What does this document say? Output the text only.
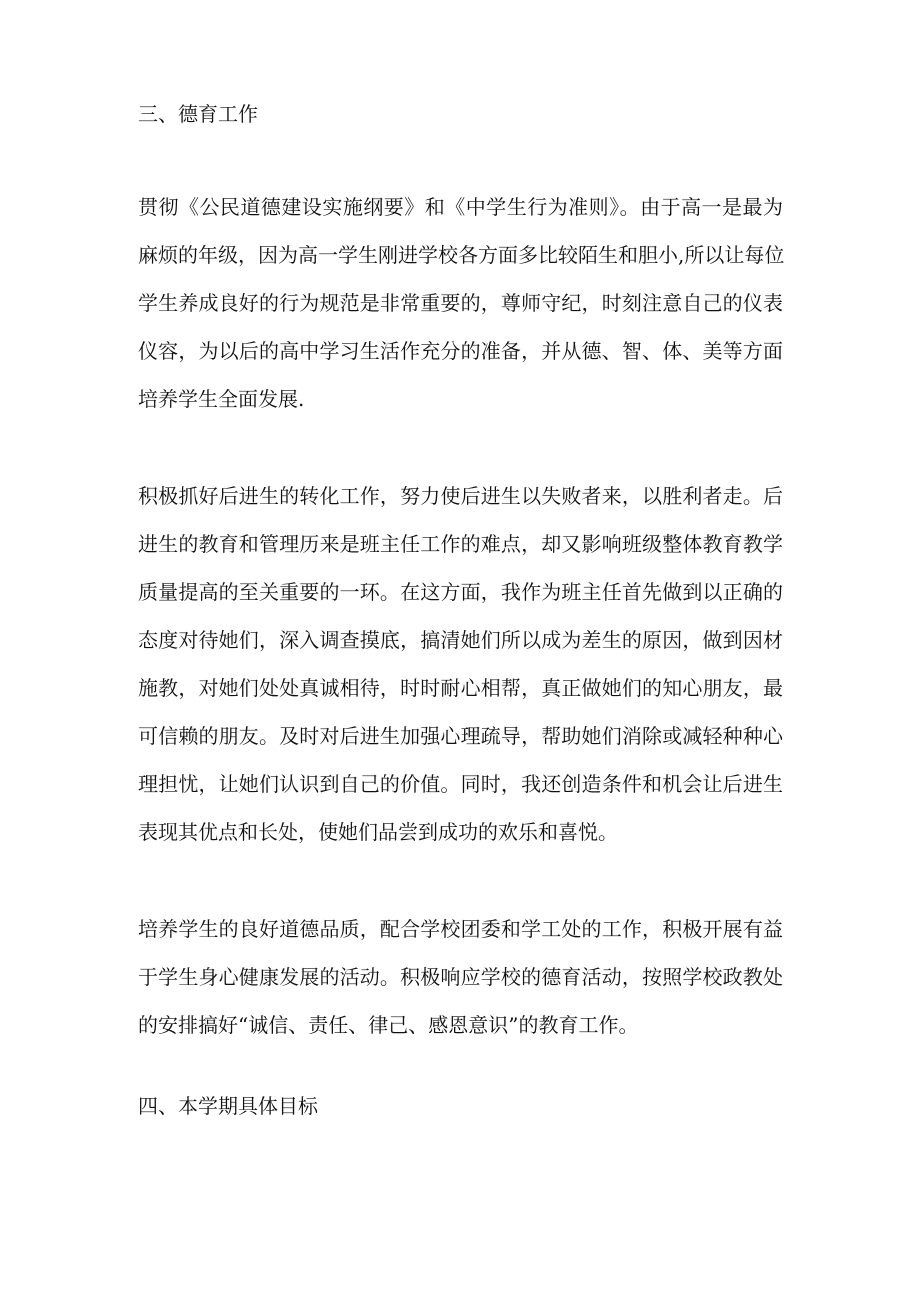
三、德育工作

贯彻《公民道德建设实施纲要》和《中学生行为准则》。由于高一是最为

麻烦的年级，因为高一学生刚进学校各方面多比较陌生和胆小,所以让每位

学生养成良好的行为规范是非常重要的，尊师守纪，时刻注意自己的仪表

仪容，为以后的高中学习生活作充分的准备，并从德、智、体、美等方面

培养学生全面发展.

积极抓好后进生的转化工作，努力使后进生以失败者来，以胜利者走。后

进生的教育和管理历来是班主任工作的难点，却又影响班级整体教育教学

质量提高的至关重要的一环。在这方面，我作为班主任首先做到以正确的

态度对待她们，深入调查摸底，搞清她们所以成为差生的原因，做到因材

施教，对她们处处真诚相待，时时耐心相帮，真正做她们的知心朋友，最

可信赖的朋友。及时对后进生加强心理疏导，帮助她们消除或减轻种种心

理担忧，让她们认识到自己的价值。同时，我还创造条件和机会让后进生

表现其优点和长处，使她们品尝到成功的欢乐和喜悦。

培养学生的良好道德品质，配合学校团委和学工处的工作，积极开展有益

于学生身心健康发展的活动。积极响应学校的德育活动，按照学校政教处

的安排搞好“诚信、责任、律己、感恩意识”的教育工作。

四、本学期具体目标
